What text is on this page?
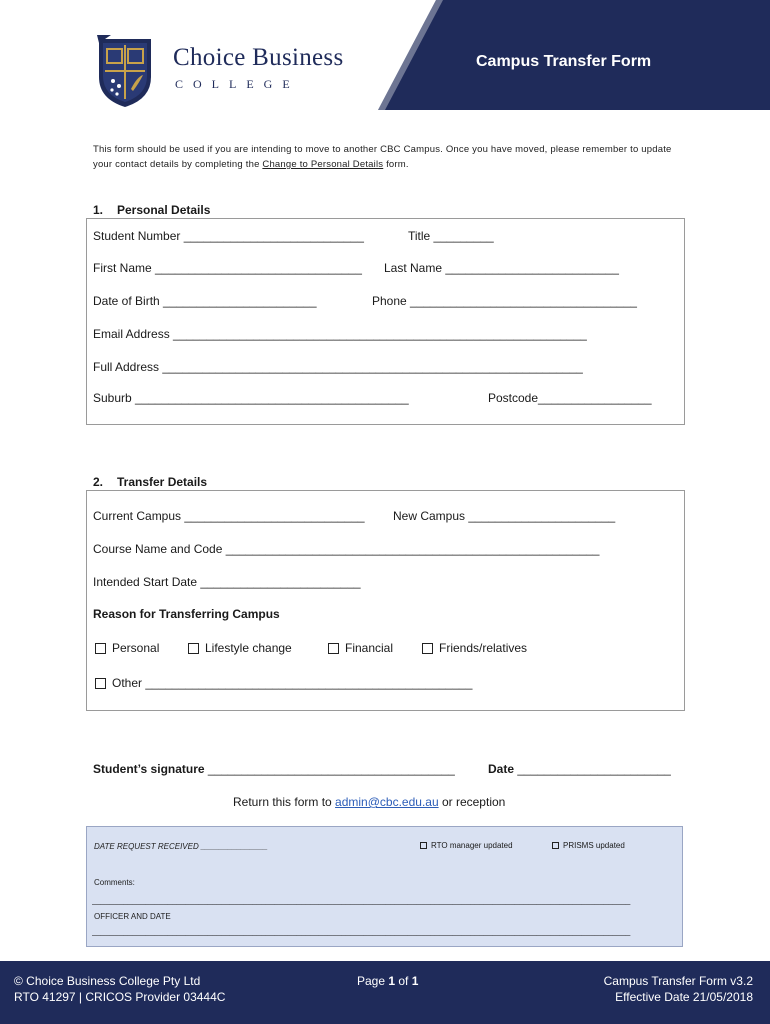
Choice Business
COLLEGE
Campus Transfer Form
This form should be used if you are intending to move to another CBC Campus. Once you have moved, please remember to update your contact details by completing the Change to Personal Details form.
1. Personal Details
Student Number ___________________________	Title _________
First Name _______________________________ Last Name __________________________
Date of Birth _______________________	Phone __________________________________
Email Address ______________________________________________________________
Full Address _______________________________________________________________
Suburb _________________________________________	Postcode_________________
2. Transfer Details
Current Campus ___________________________ New Campus ______________________
Course Name and Code ________________________________________________________
Intended Start Date ________________________
Reason for Transferring Campus
Personal	Lifestyle change	Financial	Friends/relatives
Other _________________________________________________
Student’s signature _____________________________________	Date _______________________
Return this form to admin@cbc.edu.au or reception
DATE REQUEST RECEIVED _______________	RTO manager updated	PRISMS updated
Comments:
_________________________________________________________________________________________________________________________
OFFICER AND DATE
_________________________________________________________________________________________________________________________
© Choice Business College Pty Ltd
RTO 41297 | CRICOS Provider 03444C
Page 1 of 1	Campus Transfer Form v3.2
Effective Date 21/05/2018
